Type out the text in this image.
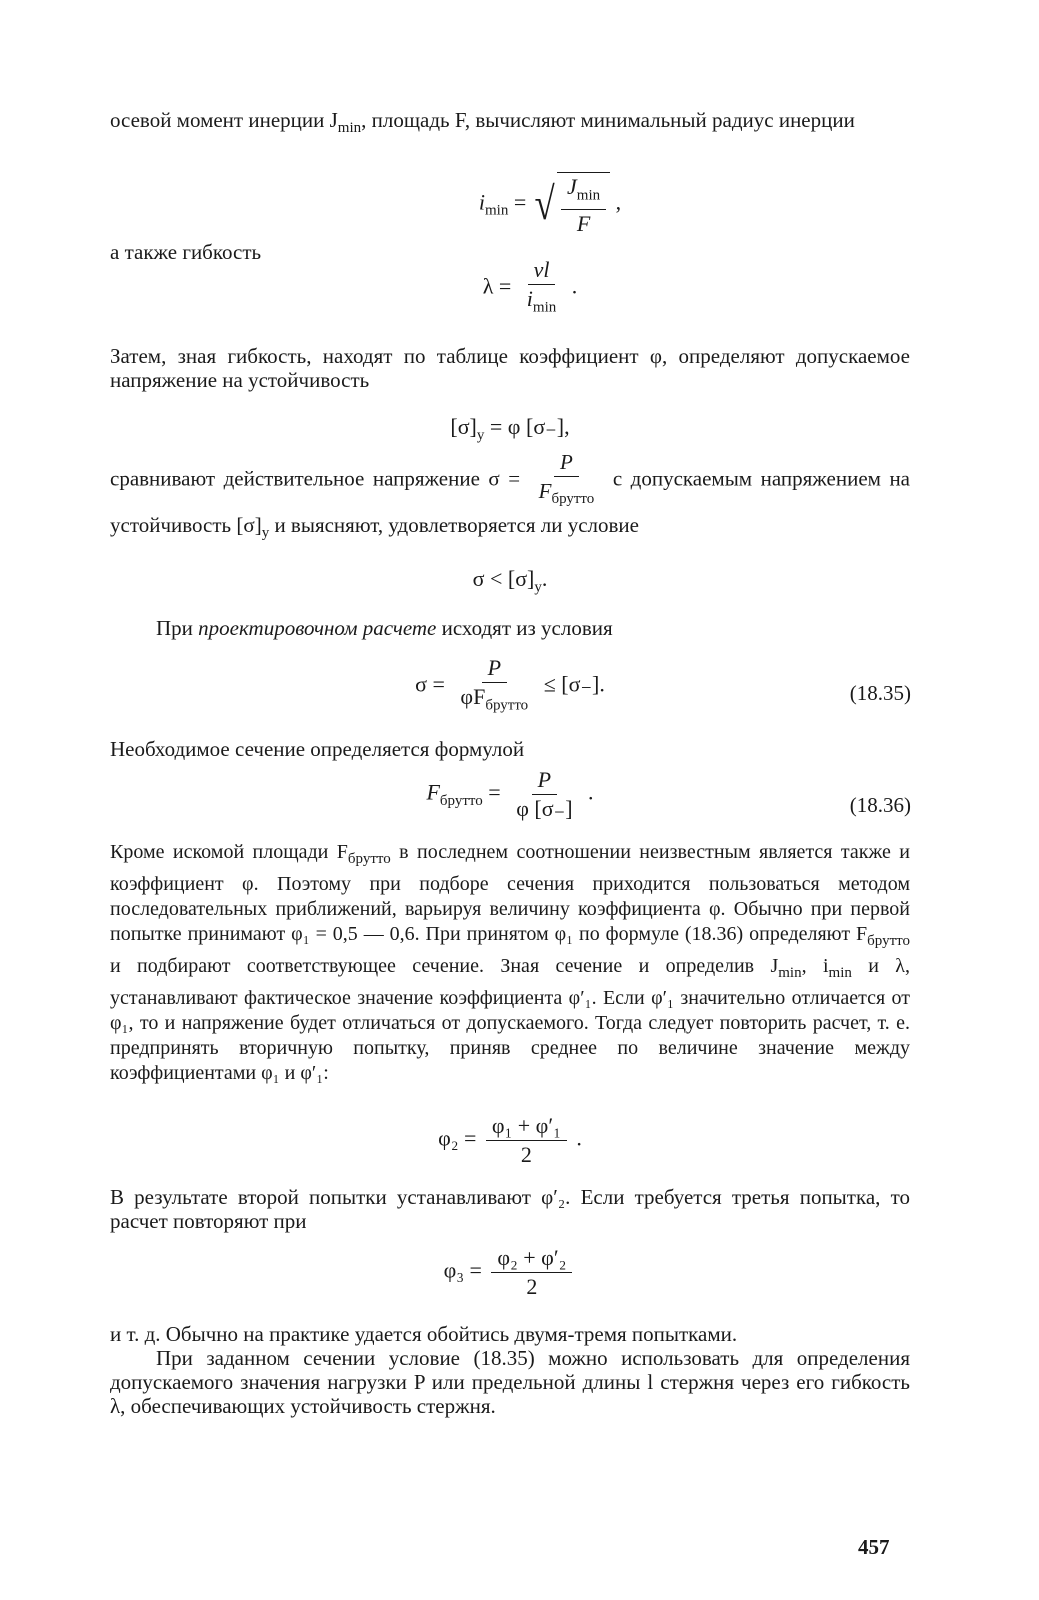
осевой момент инерции $J_{min}$, площадь F, вычисляют минимальный радиус инерции

$i_{min}$ = √ $\frac{J_{min}}{F}$ ,

а также гибкость

$\lambda = \frac{\nu l}{i_{min}}$ .

Затем, зная гибкость, находят по таблице коэффициент φ, определяют допускаемое напряжение на устойчивость

$[\sigma]_у = \varphi$ [σ₋],
сравнивают действительное напряжение $\sigma = \frac{P}{F_{брутто}}$ с допускаемым напряжением на устойчивость $[\sigma]_у$ и выясняют, удовлетворяется ли условие
$\sigma < [\sigma]_у$.

При проектировочном расчете исходят из условия

$\sigma = \frac{P}{\varphi F_{брутто}} \le [\sigma_-]$.	(18.35)

Необходимое сечение определяется формулой

$F_{брутто} = \frac{P}{\varphi [\sigma_-]}$ .
(18.36)

Кроме искомой площади $F_{брутто}$ в последнем соотношении неизвестным является также и коэффициент φ. Поэтому при подборе сечения приходится пользоваться методом последовательных приближений, варьируя величину коэффициента φ. Обычно при первой попытке принимают φ₁ = 0,5 — 0,6. При принятом φ₁ по формуле (18.36) определяют $F_{брутто}$ и подбирают соответствующее сечение. Зная сечение и определив $J_{min}$, $i_{min}$ и λ, устанавливают фактическое значение коэффициента φ′₁. Если φ′₁ значительно отличается от φ₁, то и напряжение будет отличаться от допускаемого. Тогда следует повторить расчет, т. е. предпринять вторичную попытку, приняв среднее по величине значение между коэффициентами φ₁ и φ′₁:

$\varphi_2 = \frac{\text{φ₁ + φ′₁}}{2}$ .

В результате второй попытки устанавливают φ′₂. Если требуется третья попытка, то расчет повторяют при

$\varphi_3 = \frac{\text{φ₂ + φ′₂}}{2}$

и т. д. Обычно на практике удается обойтись двумя-тремя попытками.

При заданном сечении условие (18.35) можно использовать для определения допускаемого значения нагрузки P или предельной длины l стержня через его гибкость λ, обеспечивающих устойчивость стержня.

457
